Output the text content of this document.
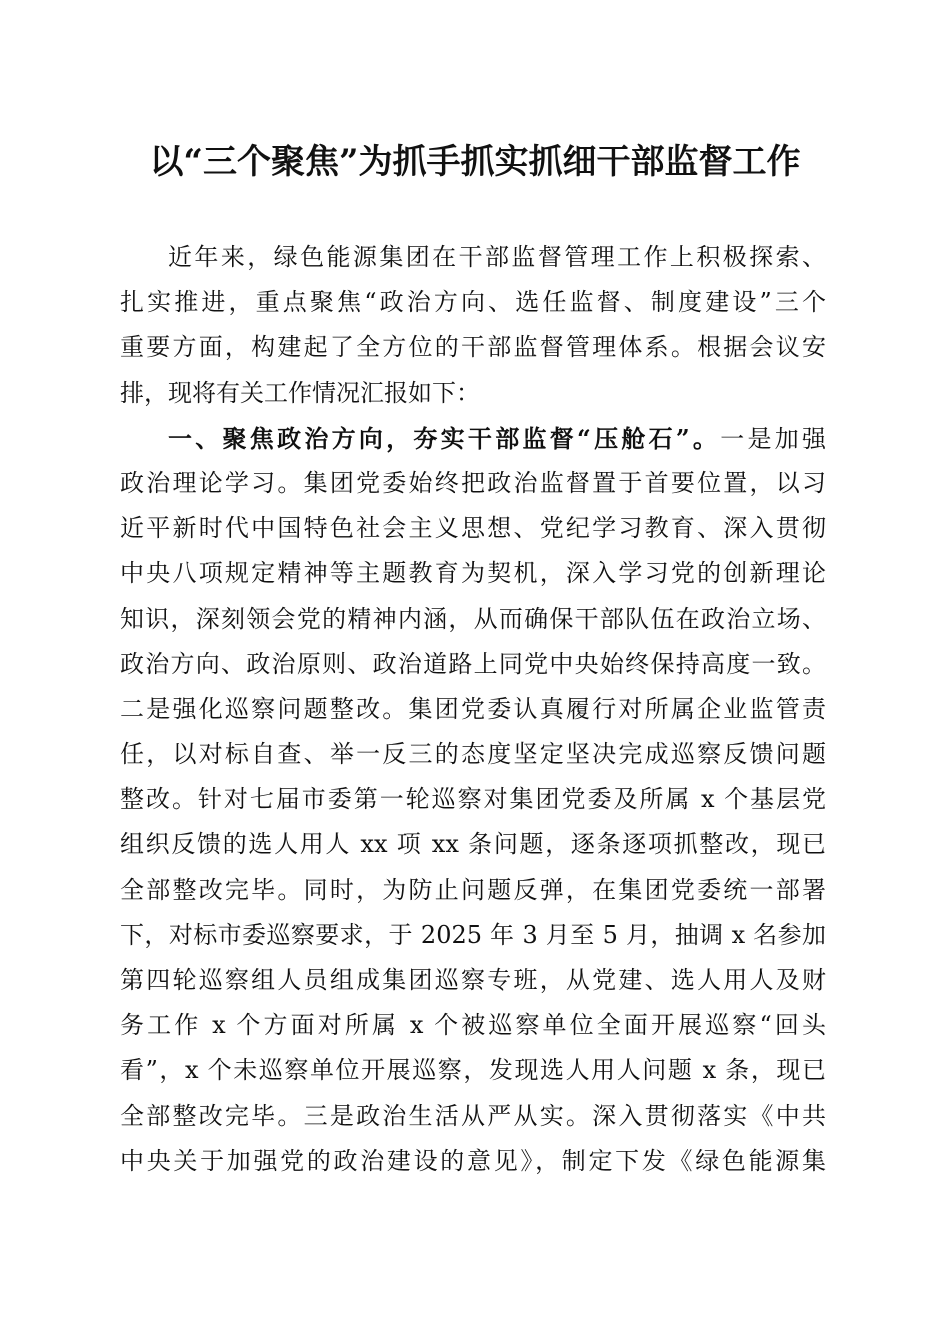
以“三个聚焦”为抓手抓实抓细干部监督工作
近年来，绿色能源集团在干部监督管理工作上积极探索、
扎实推进，重点聚焦“政治方向、选任监督、制度建设”三个
重要方面，构建起了全方位的干部监督管理体系。根据会议安
排，现将有关工作情况汇报如下：
一、聚焦政治方向，夯实干部监督“压舱石”。一是加强
政治理论学习。集团党委始终把政治监督置于首要位置，以习
近平新时代中国特色社会主义思想、党纪学习教育、深入贯彻
中央八项规定精神等主题教育为契机，深入学习党的创新理论
知识，深刻领会党的精神内涵，从而确保干部队伍在政治立场、
政治方向、政治原则、政治道路上同党中央始终保持高度一致。
二是强化巡察问题整改。集团党委认真履行对所属企业监管责
任，以对标自查、举一反三的态度坚定坚决完成巡察反馈问题
整改。针对七届市委第一轮巡察对集团党委及所属 x 个基层党
组织反馈的选人用人 xx 项 xx 条问题，逐条逐项抓整改，现已
全部整改完毕。同时，为防止问题反弹，在集团党委统一部署
下，对标市委巡察要求，于 2025 年 3 月至 5 月，抽调 x 名参加
第四轮巡察组人员组成集团巡察专班，从党建、选人用人及财
务工作 x 个方面对所属 x 个被巡察单位全面开展巡察“回头
看”，x 个未巡察单位开展巡察，发现选人用人问题 x 条，现已
全部整改完毕。三是政治生活从严从实。深入贯彻落实《中共
中央关于加强党的政治建设的意见》，制定下发《绿色能源集
